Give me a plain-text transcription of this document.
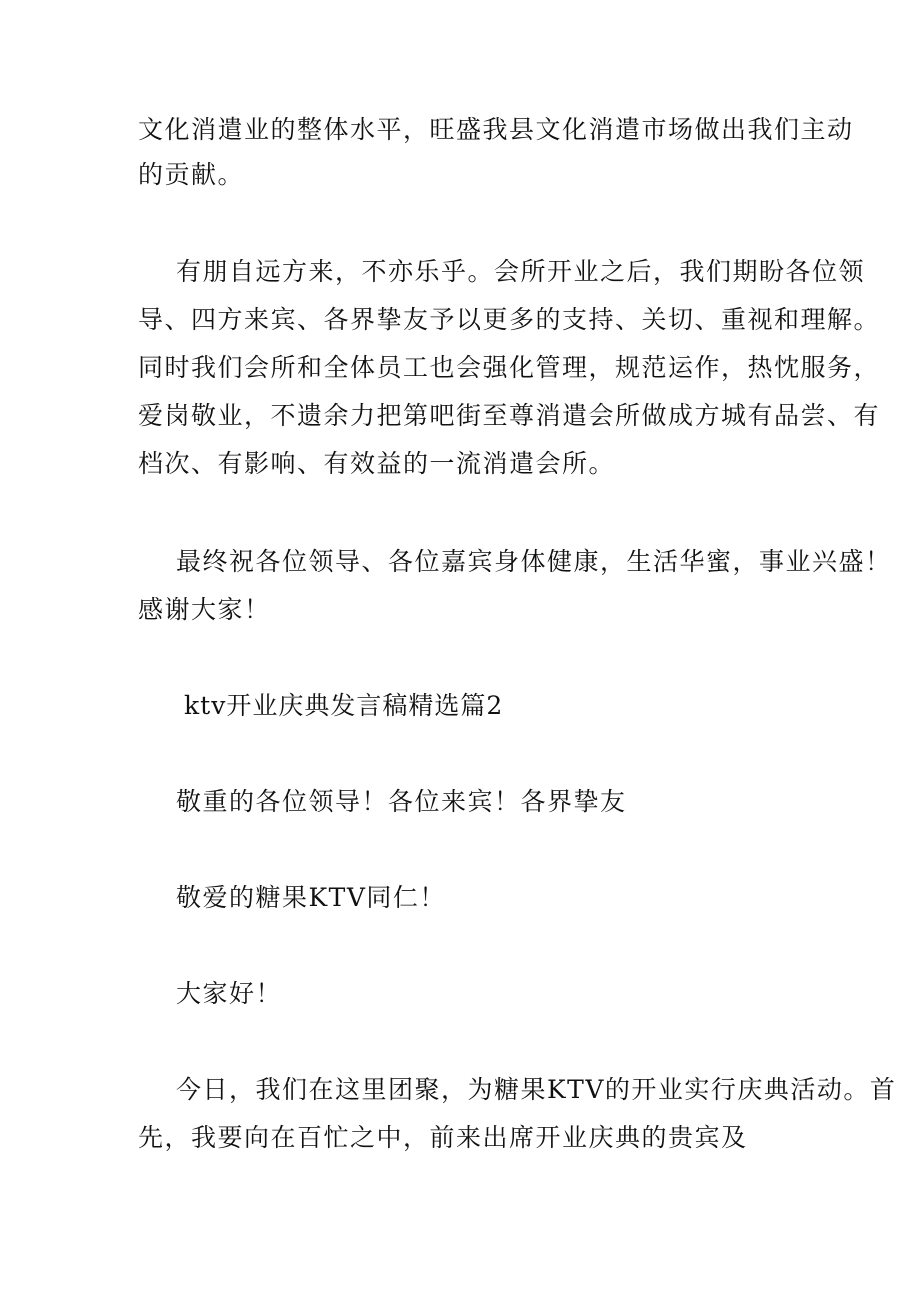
文化消遣业的整体水平，旺盛我县文化消遣市场做出我们主动
的贡献。
有朋自远方来，不亦乐乎。会所开业之后，我们期盼各位领
导、四方来宾、各界挚友予以更多的支持、关切、重视和理解。
同时我们会所和全体员工也会强化管理，规范运作，热忱服务，
爱岗敬业，不遗余力把第吧街至尊消遣会所做成方城有品尝、有
档次、有影响、有效益的一流消遣会所。
最终祝各位领导、各位嘉宾身体健康，生活华蜜，事业兴盛！
感谢大家！
ktv开业庆典发言稿精选篇2
敬重的各位领导！各位来宾！各界挚友
敬爱的糖果KTV同仁！
大家好！
今日，我们在这里团聚，为糖果KTV的开业实行庆典活动。首
先，我要向在百忙之中，前来出席开业庆典的贵宾及
